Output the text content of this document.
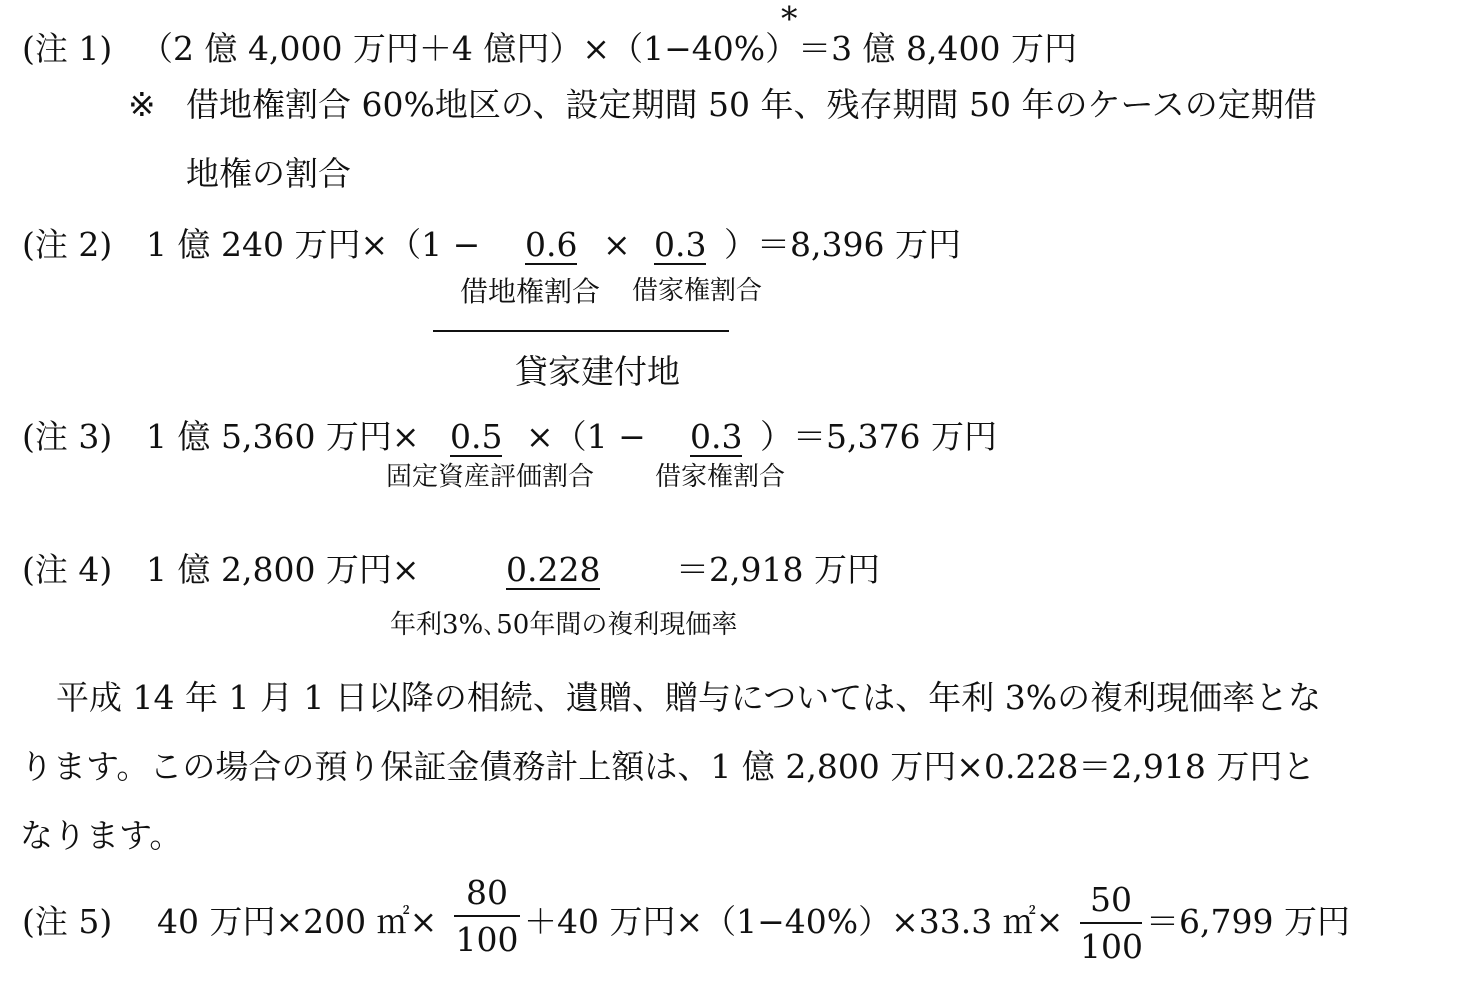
*
(注 1) （2 億 4,000 万円＋4 億円）×（1−40%）＝3 億 8,400 万円
※ 借地権割合 60%地区の、設定期間 50 年、残存期間 50 年のケースの定期借
地権の割合
(注 2) 1 億 240 万円×（1 − 0.6 × 0.3 ）＝8,396 万円
借地権割合 借家権割合
貸家建付地
(注 3) 1 億 5,360 万円× 0.5 ×（1 − 0.3 ）＝5,376 万円
固定資産評価割合 借家権割合
(注 4) 1 億 2,800 万円×	0.228 ＝2,918 万円
年利3%､50年間の複利現価率
平成 14 年 1 月 1 日以降の相続、遺贈、贈与については、年利 3%の複利現価率とな
ります。この場合の預り保証金債務計上額は、1 億 2,800 万円×0.228＝2,918 万円と
なります。
(注 5) 40 万円×200 ㎡×
80
100 ＋40 万円×（1−40%）×33.3 ㎡×
50
100
＝6,799 万円
